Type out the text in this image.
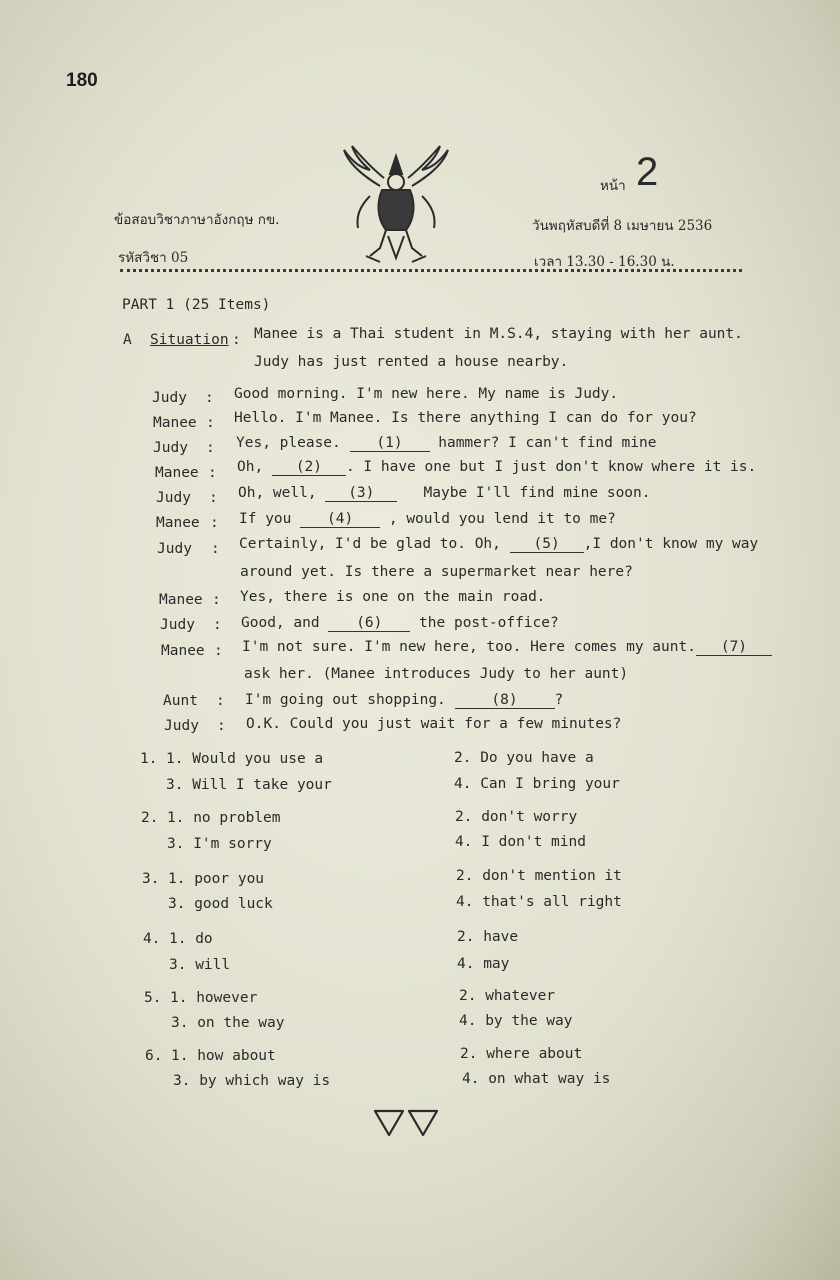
180
ข้อสอบวิชาภาษาอังกฤษ กข.
รหัสวิชา 05
หน้า 2
วันพฤหัสบดีที่ 8 เมษายน 2536
เวลา 13.30 - 16.30 น.
PART 1 (25 Items)
A Situation : Manee is a Thai student in M.S.4, staying with her aunt.
Judy has just rented a house nearby.
Judy : Good morning. I'm new here. My name is Judy.
Manee : Hello. I'm Manee. Is there anything I can do for you?
Judy : Yes, please. (1) hammer? I can't find mine
Manee : Oh, (2) . I have one but I just don't know where it is.
Judy : Oh, well, (3)	Maybe I'll find mine soon.
Manee : If you (4) , would you lend it to me?
Judy : Certainly, I'd be glad to. Oh, (5) ,I don't know my way
around yet. Is there a supermarket near here?
Manee : Yes, there is one on the main road.
Judy : Good, and	(6)	the post-office?
Manee : I'm not sure. I'm new here, too. Here comes my aunt. (7)
ask her. (Manee introduces Judy to her aunt)
Aunt : I'm going out shopping.	(8)	?
Judy : O.K. Could you just wait for a few minutes?
1. 1. Would you use a	2. Do you have a
3. Will I take your	4. Can I bring your
2. 1. no problem	2. don't worry
3. I'm sorry	4. I don't mind
3. 1. poor you	2. don't mention it
3. good luck	4. that's all right
4. 1. do	2. have
3. will	4. may
5. 1. however	2. whatever
3. on the way	4. by the way
6. 1. how about	2. where about
3. by which way is	4. on what way is
